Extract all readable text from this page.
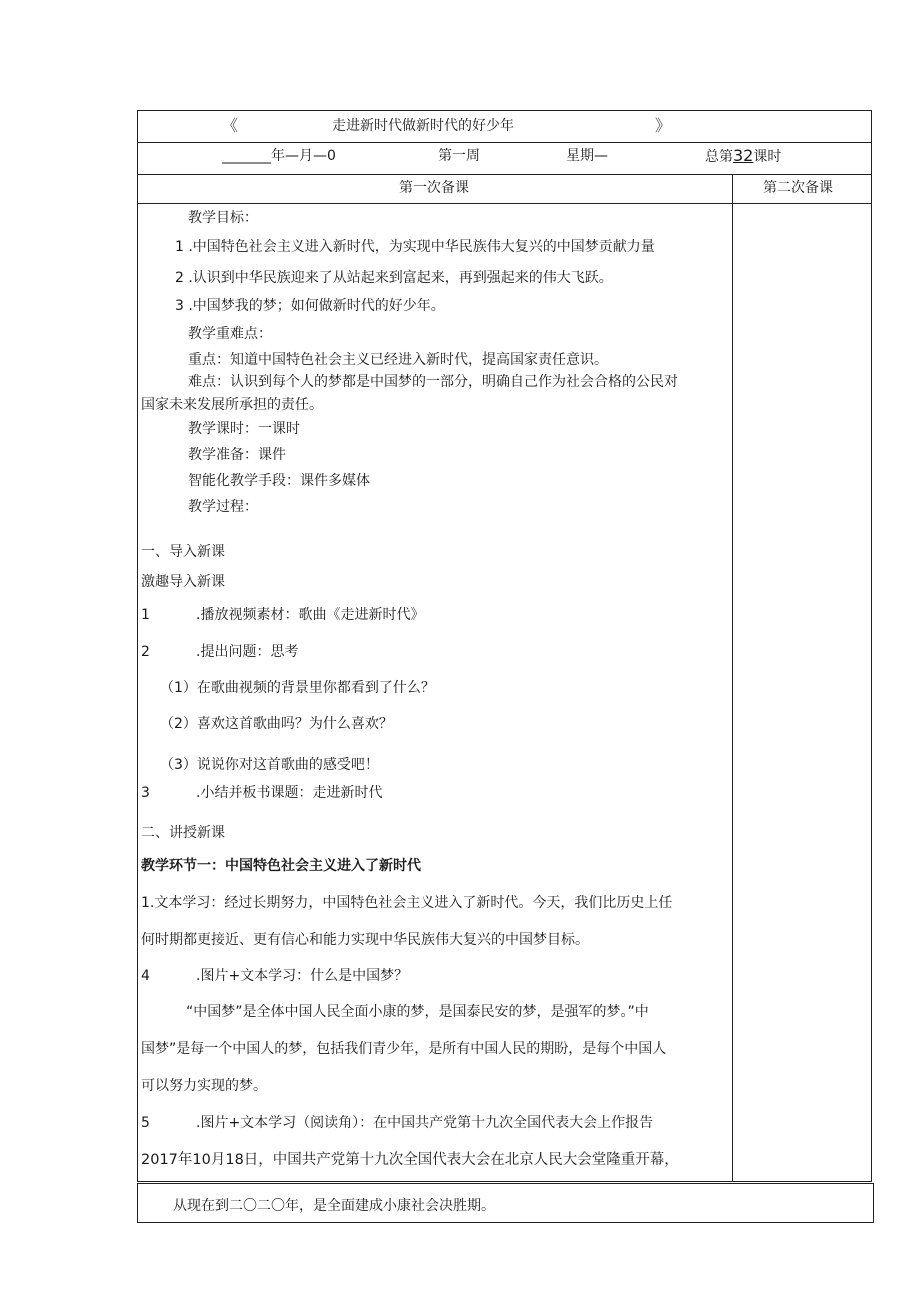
《	走进新时代做新时代的好少年	》
_______年—月—0	第一周	星期—	总第32课时
第一次备课	第二次备课
教学目标：
1 .中国特色社会主义进入新时代，为实现中华民族伟大复兴的中国梦贡献力量
2 .认识到中华民族迎来了从站起来到富起来，再到强起来的伟大飞跃。
3 .中国梦我的梦；如何做新时代的好少年。
教学重难点：
重点：知道中国特色社会主义已经进入新时代，提高国家责任意识。
难点：认识到每个人的梦都是中国梦的一部分，明确自己作为社会合格的公民对
国家未来发展所承担的责任。
教学课时：一课时
教学准备：课件
智能化教学手段：课件多媒体
教学过程：
一、导入新课
激趣导入新课
1	.播放视频素材：歌曲《走进新时代》
2	.提出问题：思考
（1）在歌曲视频的背景里你都看到了什么？
（2）喜欢这首歌曲吗？为什么喜欢？
（3）说说你对这首歌曲的感受吧！
3	.小结并板书课题：走进新时代
二、讲授新课
教学环节一：中国特色社会主义进入了新时代
1.文本学习：经过长期努力，中国特色社会主义进入了新时代。今天，我们比历史上任
何时期都更接近、更有信心和能力实现中华民族伟大复兴的中国梦目标。
4	.图片+文本学习：什么是中国梦？
“中国梦”是全体中国人民全面小康的梦，是国泰民安的梦，是强军的梦。”中
国梦”是每一个中国人的梦，包括我们青少年，是所有中国人民的期盼，是每个中国人
可以努力实现的梦。
5	.图片+文本学习（阅读角）：在中国共产党第十九次全国代表大会上作报告
2017年10月18日，中国共产党第十九次全国代表大会在北京人民大会堂隆重开幕，
从现在到二〇二〇年，是全面建成小康社会决胜期。
